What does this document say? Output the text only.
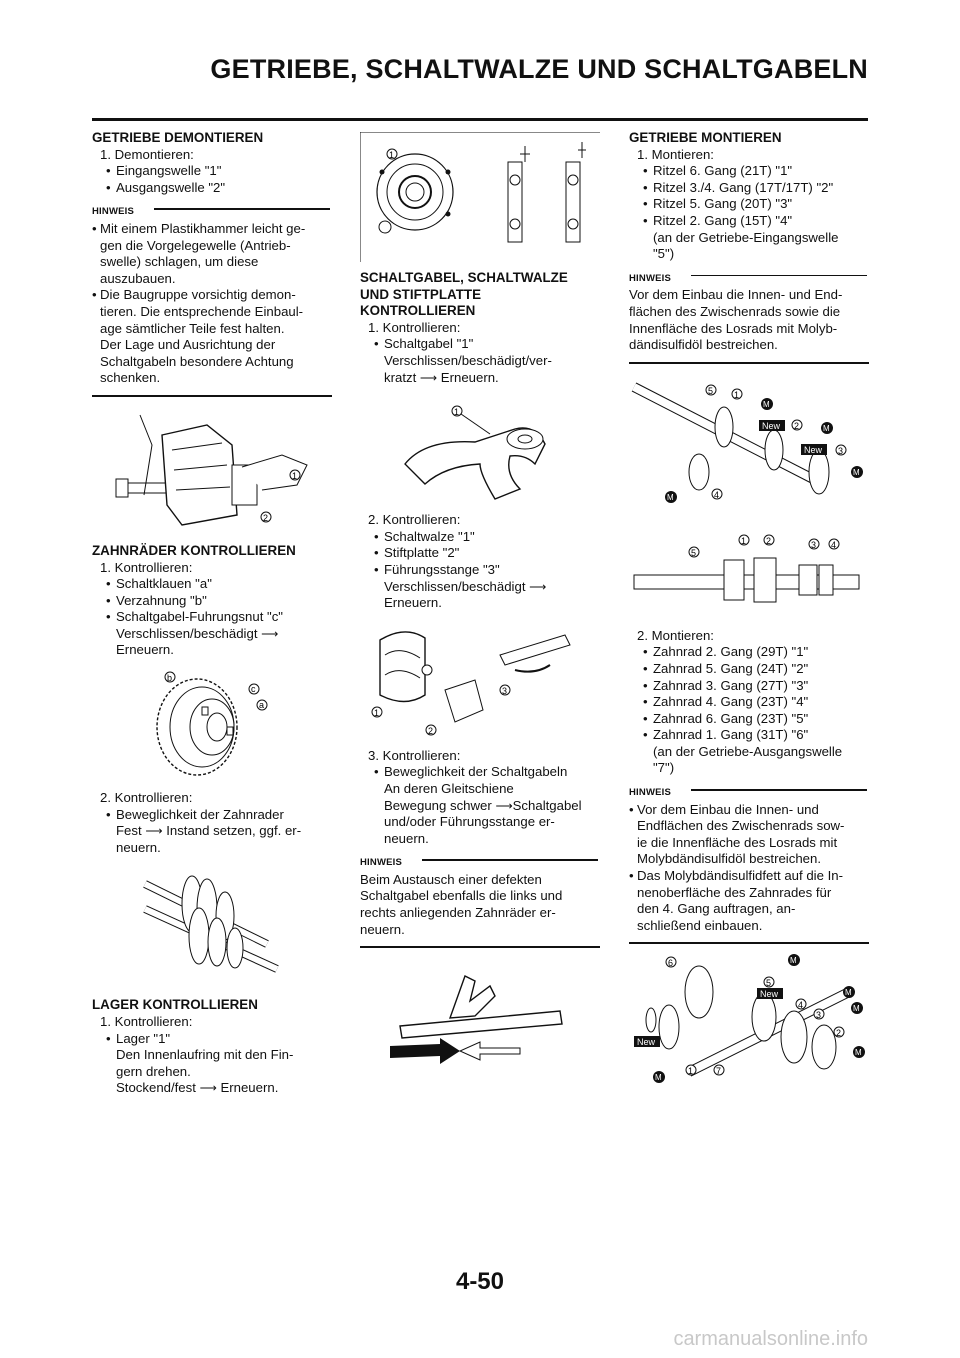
GETRIEBE, SCHALTWALZE UND SCHALTGABELN
GETRIEBE DEMONTIEREN
1. Demontieren:
• Eingangswelle "1"
• Ausgangswelle "2"
HINWEIS
• Mit einem Plastikhammer leicht ge-
gen die Vorgelegewelle (Antrieb-
swelle) schlagen, um diese
auszubauen.
• Die Baugruppe vorsichtig demon-
tieren. Die entsprechende Einbaul-
age sämtlicher Teile fest halten.
Der Lage und Ausrichtung der
Schaltgabeln besondere Achtung
schenken.
1
2
ZAHNRÄDER KONTROLLIEREN
1. Kontrollieren:
• Schaltklauen "a"
• Verzahnung "b"
• Schaltgabel-Fuhrungsnut "c"
Verschlissen/beschädigt ⟶
Erneuern.
b
c
a
2. Kontrollieren:
• Beweglichkeit der Zahnrader
Fest ⟶ Instand setzen, ggf. er-
neuern.
LAGER KONTROLLIEREN
1. Kontrollieren:
• Lager "1"
Den Innenlaufring mit den Fin-
gern drehen.
Stockend/fest ⟶ Erneuern.
1
SCHALTGABEL, SCHALTWALZE
UND STIFTPLATTE
KONTROLLIEREN
1. Kontrollieren:
• Schaltgabel "1"
Verschlissen/beschädigt/ver-
kratzt ⟶ Erneuern.
1
2. Kontrollieren:
• Schaltwalze "1"
• Stiftplatte "2"
• Führungsstange "3"
Verschlissen/beschädigt ⟶
Erneuern.
1
2
3
3. Kontrollieren:
• Beweglichkeit der Schaltgabeln
An deren Gleitschiene
Bewegung schwer ⟶Schaltgabel
und/oder Führungsstange er-
neuern.
HINWEIS
Beim Austausch einer defekten
Schaltgabel ebenfalls die links und
rechts anliegenden Zahnräder er-
neuern.
GETRIEBE MONTIEREN
1. Montieren:
• Ritzel 6. Gang (21T) "1"
• Ritzel 3./4. Gang (17T/17T) "2"
• Ritzel 5. Gang (20T) "3"
• Ritzel 2. Gang (15T) "4"
(an der Getriebe-Eingangswelle
"5")
HINWEIS
Vor dem Einbau die Innen- und End-
flächen des Zwischenrads sowie die
Innenfläche des Losrads mit Molyb-
dändisulfidöl bestreichen.
5 1
2
3
4
New
New
M
M
M
M
5
1 2	3 4
2. Montieren:
• Zahnrad 2. Gang (29T) "1"
• Zahnrad 5. Gang (24T) "2"
• Zahnrad 3. Gang (27T) "3"
• Zahnrad 4. Gang (23T) "4"
• Zahnrad 6. Gang (23T) "5"
• Zahnrad 1. Gang (31T) "6"
(an der Getriebe-Ausgangswelle
"7")
HINWEIS
• Vor dem Einbau die Innen- und
Endflächen des Zwischenrads sow-
ie die Innenfläche des Losrads mit
Molybdändisulfidöl bestreichen.
• Das Molybdändisulfidfett auf die In-
nenoberfläche des Zahnrades für
den 4. Gang auftragen, an-
schließend einbauen.
6
5
4
3
2
1	7
New
New
M
M
M
M
M
4-50
carmanualsonline.info
